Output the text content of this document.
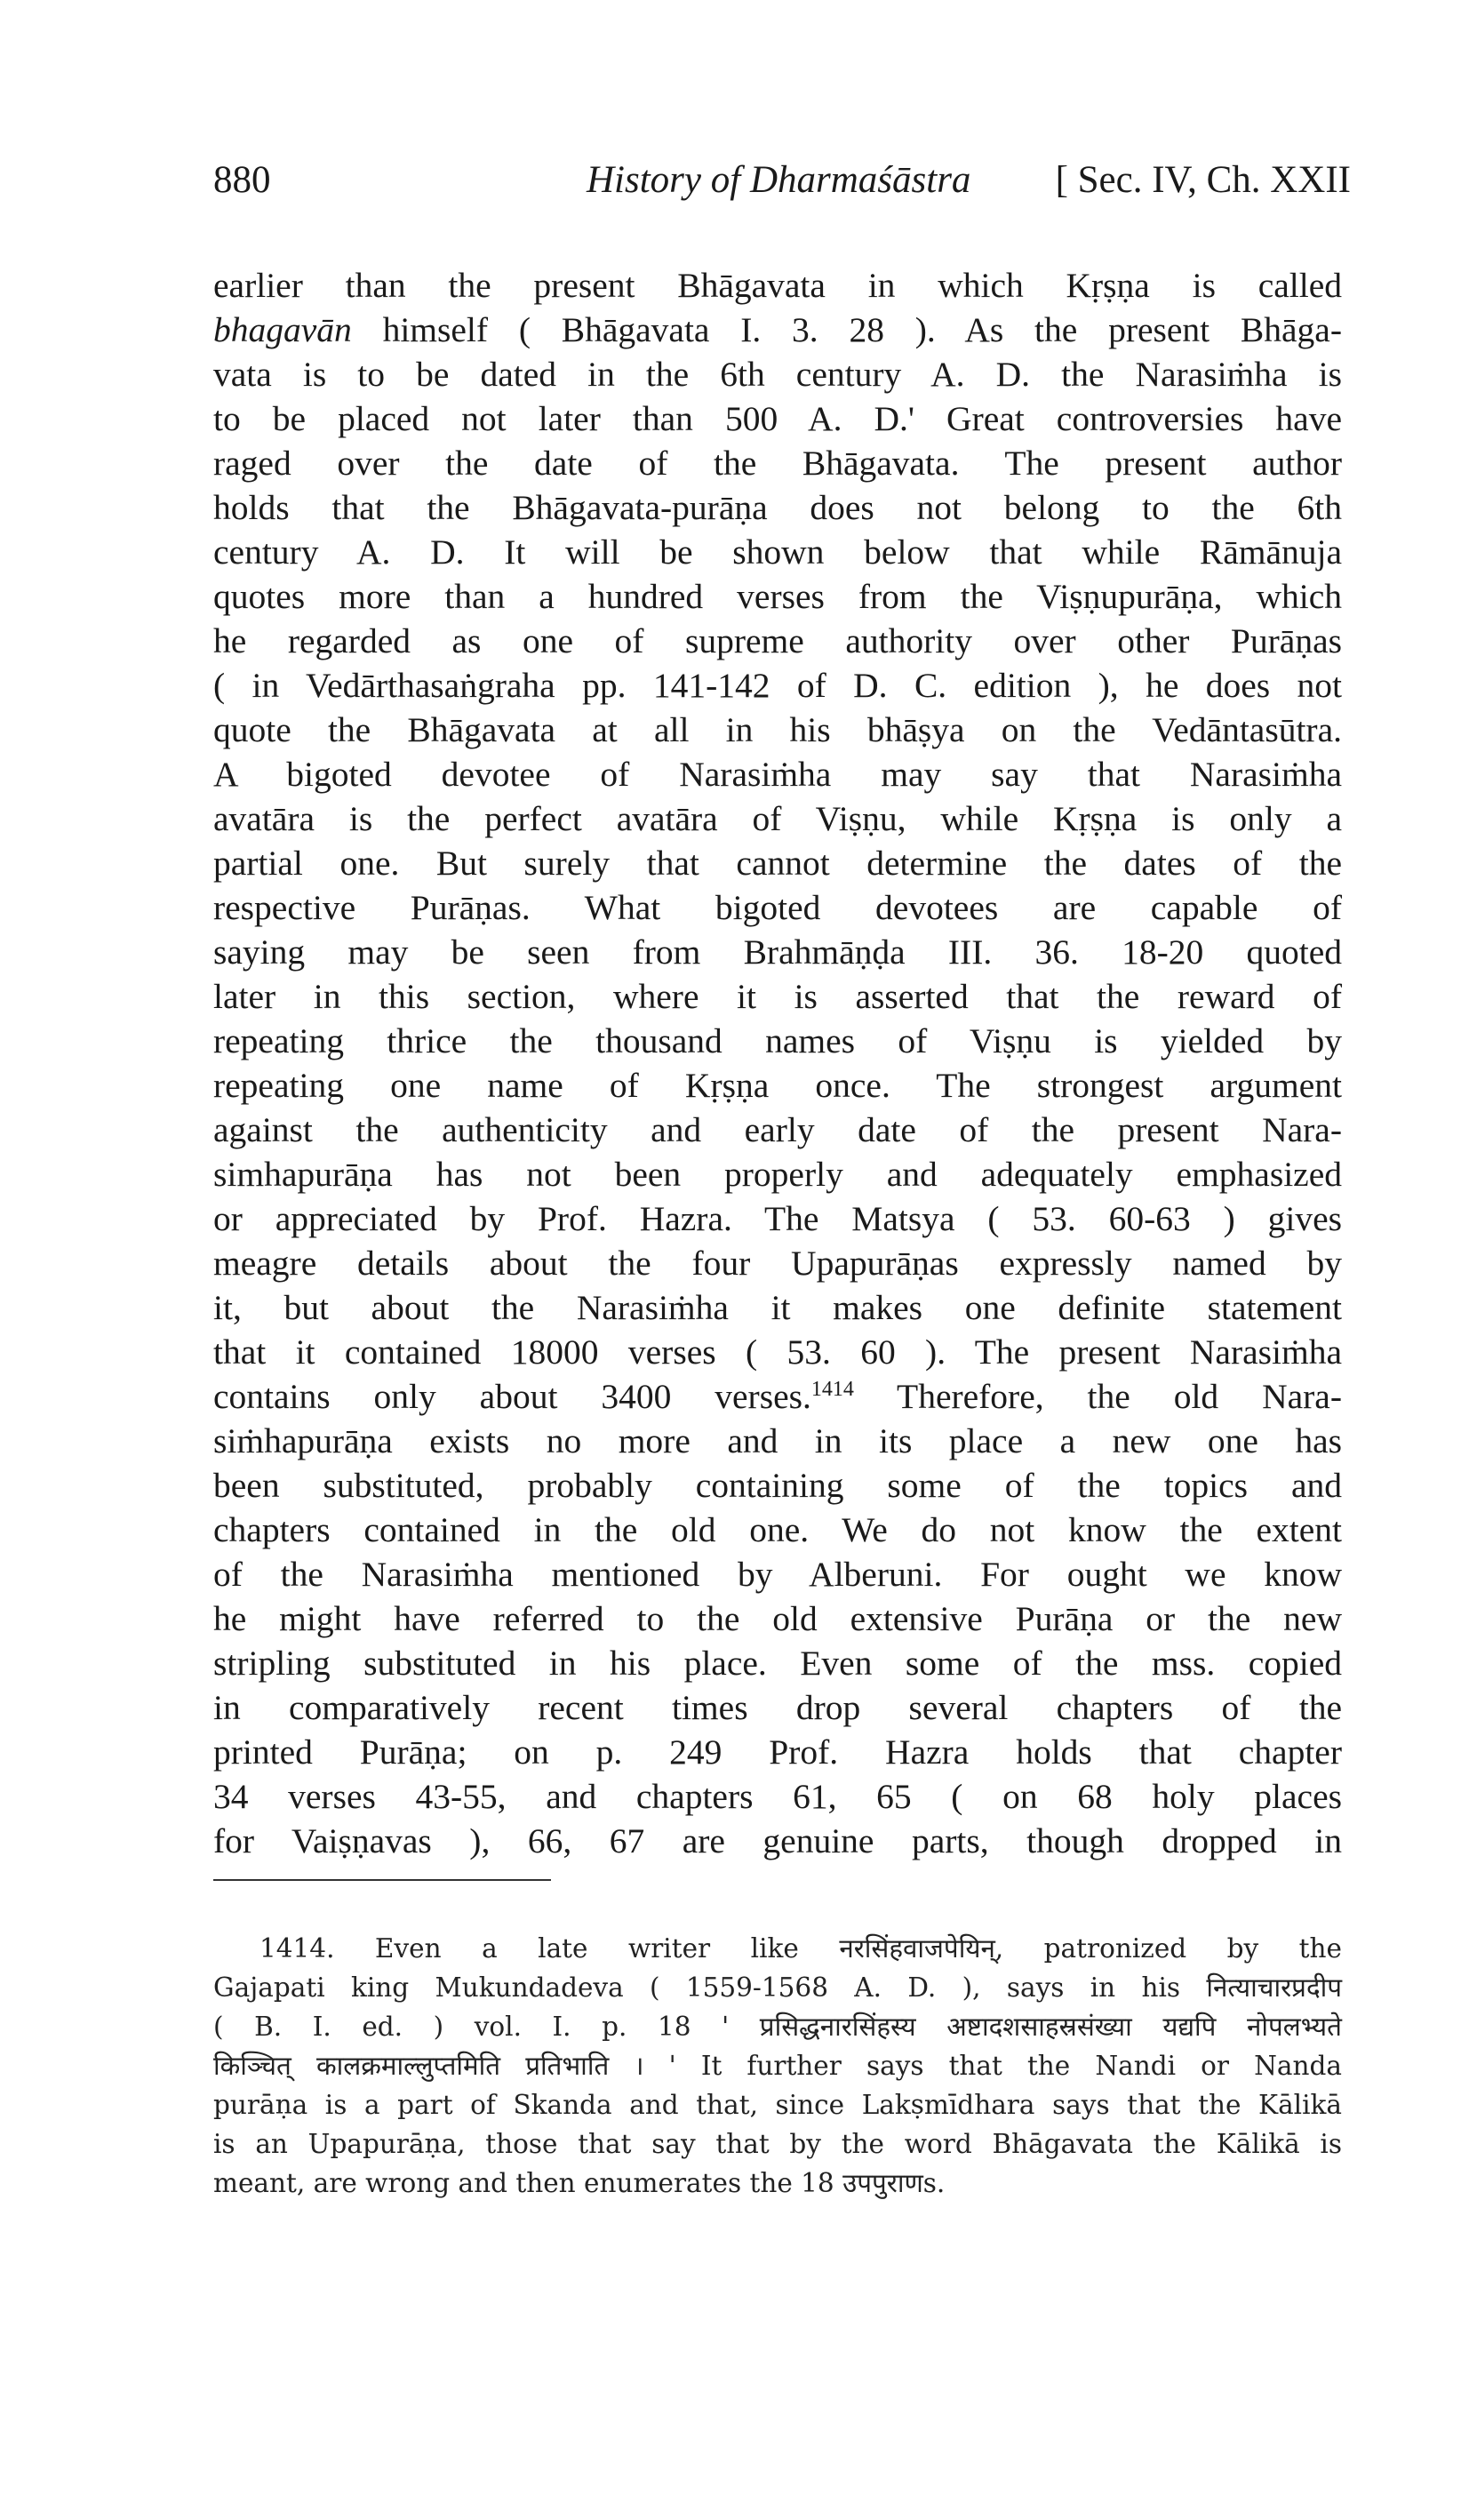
880	History of Dharmaśāstra [ Sec. IV, Ch. XXII
earlier than the present Bhāgavata in which Kṛṣṇa is called
bhagavān himself ( Bhāgavata I. 3. 28 ). As the present Bhāga-
vata is to be dated in the 6th century A. D. the Narasiṁha is
to be placed not later than 500 A. D.' Great controversies have
raged over the date of the Bhāgavata. The present author
holds that the Bhāgavata-purāṇa does not belong to the 6th
century A. D. It will be shown below that while Rāmānuja
quotes more than a hundred verses from the Viṣṇupurāṇa, which
he regarded as one of supreme authority over other Purāṇas
( in Vedārthasaṅgraha pp. 141-142 of D. C. edition ), he does not
quote the Bhāgavata at all in his bhāṣya on the Vedāntasūtra.
A bigoted devotee of Narasiṁha may say that Narasiṁha
avatāra is the perfect avatāra of Viṣṇu, while Kṛṣṇa is only a
partial one. But surely that cannot determine the dates of the
respective Purāṇas. What bigoted devotees are capable of
saying may be seen from Brahmāṇḍa III. 36. 18-20 quoted
later in this section, where it is asserted that the reward of
repeating thrice the thousand names of Viṣṇu is yielded by
repeating one name of Kṛṣṇa once. The strongest argument
against the authenticity and early date of the present Nara-
simhapurāṇa has not been properly and adequately emphasized
or appreciated by Prof. Hazra. The Matsya ( 53. 60-63 ) gives
meagre details about the four Upapurāṇas expressly named by
it, but about the Narasiṁha it makes one definite statement
that it contained 18000 verses ( 53. 60 ). The present Narasiṁha
contains only about 3400 verses.$^{1414}$ Therefore, the old Nara-
siṁhapurāṇa exists no more and in its place a new one has
been substituted, probably containing some of the topics and
chapters contained in the old one. We do not know the extent
of the Narasiṁha mentioned by Alberuni. For ought we know
he might have referred to the old extensive Purāṇa or the new
stripling substituted in his place. Even some of the mss. copied
in comparatively recent times drop several chapters of the
printed Purāṇa; on p. 249 Prof. Hazra holds that chapter
34 verses 43-55, and chapters 61, 65 ( on 68 holy places
for Vaiṣṇavas ), 66, 67 are genuine parts, though dropped in
1414. Even a late writer like नरसिंहवाजपेयिन्, patronized by the
Gajapati king Mukundadeva ( 1559-1568 A. D. ), says in his नित्याचारप्रदीप
( B. I. ed. ) vol. I. p. 18 ' प्रसिद्धनारसिंहस्य अष्टादशसाहस्रसंख्या यद्यपि नोपलभ्यते
किञ्चित् कालक्रमाल्लुप्तमिति प्रतिभाति । ' It further says that the Nandi or Nanda
purāṇa is a part of Skanda and that, since Lakṣmīdhara says that the Kālikā
is an Upapurāṇa, those that say that by the word Bhāgavata the Kālikā is
meant, are wrong and then enumerates the 18 उपपुराणs.
